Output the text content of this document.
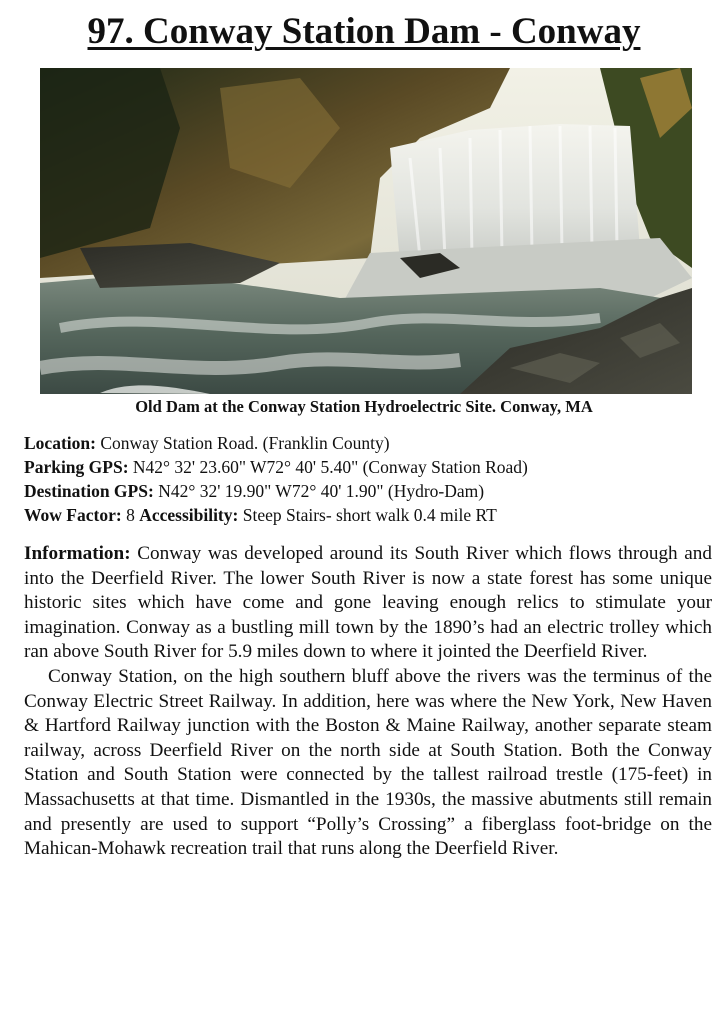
97. Conway Station Dam - Conway
Old Dam at the Conway Station Hydroelectric Site. Conway, MA
Location: Conway Station Road. (Franklin County)
Parking GPS: N42° 32' 23.60" W72° 40' 5.40" (Conway Station Road)
Destination GPS: N42° 32' 19.90" W72° 40' 1.90" (Hydro-Dam)
Wow Factor: 8 Accessibility: Steep Stairs- short walk 0.4 mile RT

Information: Conway was developed around its South River which flows through and into the Deerfield River. The lower South River is now a state forest has some unique historic sites which have come and gone leaving enough relics to stimulate your imagination. Conway as a bustling mill town by the 1890’s had an electric trolley which ran above South River for 5.9 miles down to where it jointed the Deerfield River.

Conway Station, on the high southern bluff above the rivers was the terminus of the Conway Electric Street Railway. In addition, here was where the New York, New Haven & Hartford Railway junction with the Boston & Maine Railway, another separate steam railway, across Deerfield River on the north side at South Station. Both the Conway Station and South Station were connected by the tallest railroad trestle (175-feet) in Massachusetts at that time. Dismantled in the 1930s, the massive abutments still remain and presently are used to support “Polly’s Crossing” a fiberglass foot-bridge on the Mahican-Mohawk recreation trail that runs along the Deerfield River.
